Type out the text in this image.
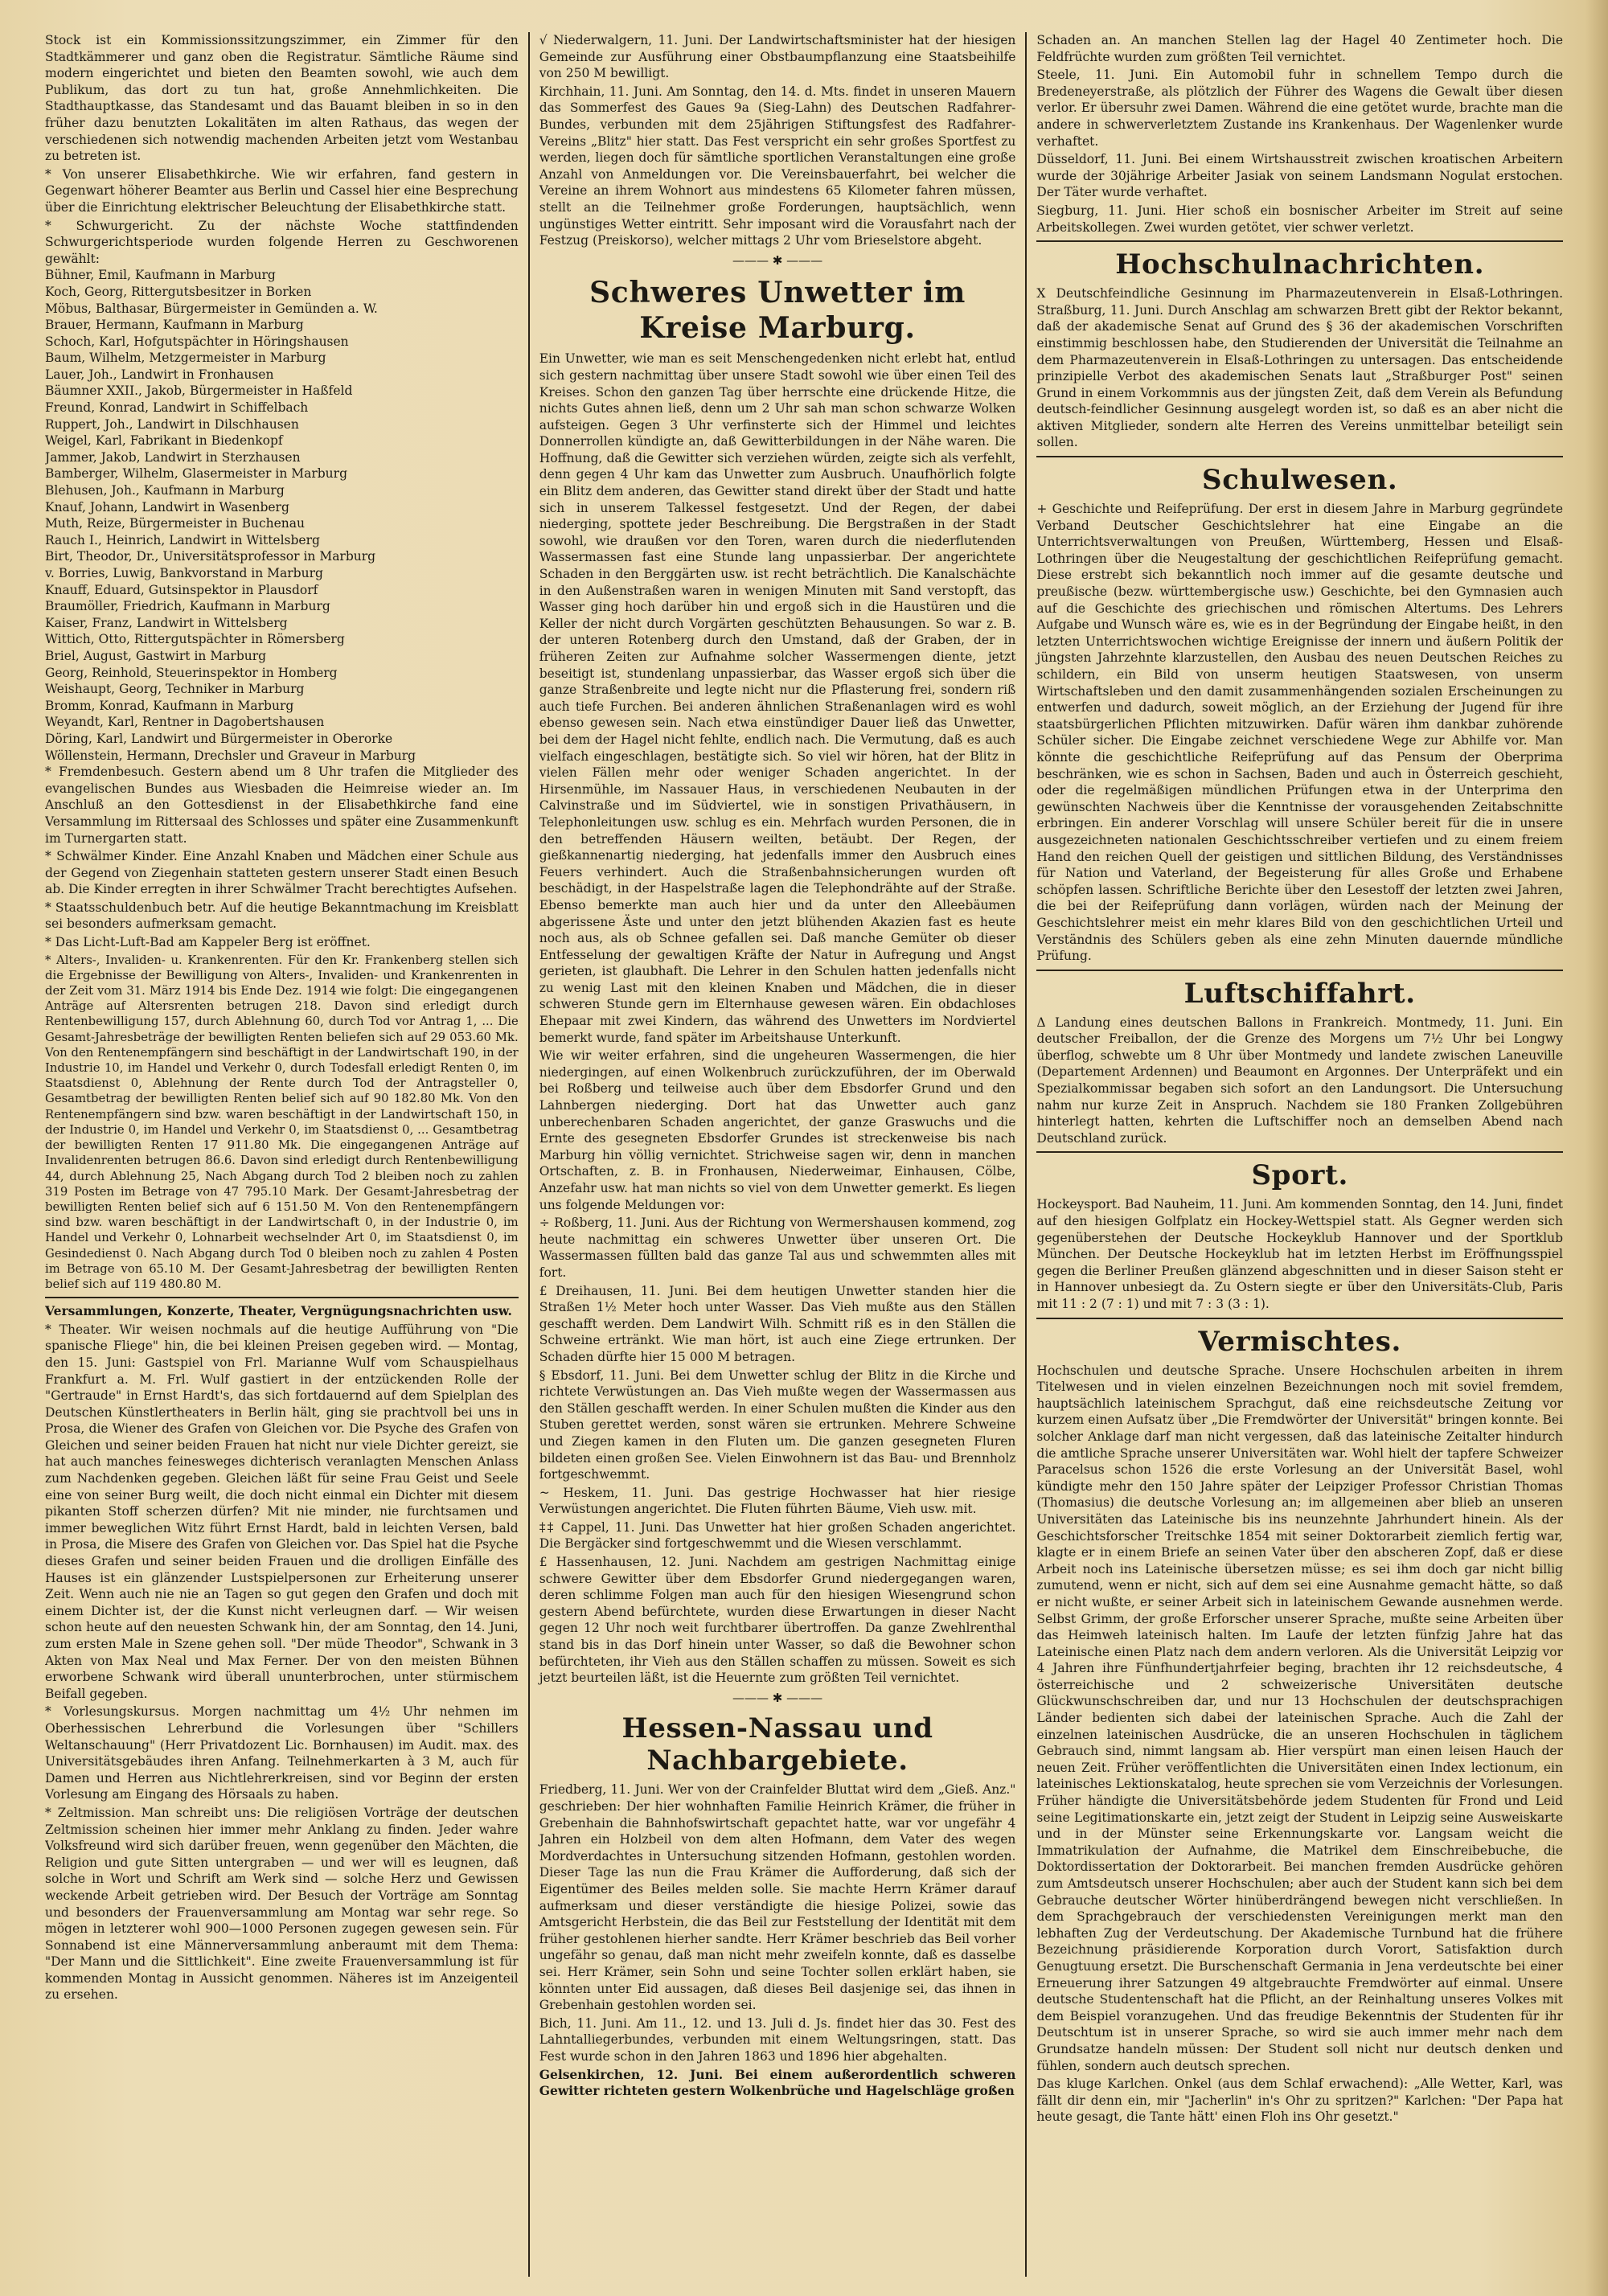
Stock ist ein Kommissionssitzungszimmer, ein Zimmer für den Stadtkämmerer und ganz oben die Registratur. Sämtliche Räume sind modern eingerichtet und bieten den Beamten sowohl, wie auch dem Publikum, das dort zu tun hat, große Annehmlichkeiten. Die Stadthauptkasse, das Standesamt und das Bauamt bleiben in so in den früher dazu benutzten Lokalitäten im alten Rathaus, das wegen der verschiedenen sich notwendig machenden Arbeiten jetzt vom Westanbau zu betreten ist.

* Von unserer Elisabethkirche. Wie wir erfahren, fand gestern in Gegenwart höherer Beamter aus Berlin und Cassel hier eine Besprechung über die Einrichtung elektrischer Beleuchtung der Elisabethkirche statt.

* Schwurgericht. Zu der nächste Woche stattfindenden Schwurgerichtsperiode wurden folgende Herren zu Geschworenen gewählt:

Bühner, Emil, Kaufmann in Marburg

Koch, Georg, Rittergutsbesitzer in Borken

Möbus, Balthasar, Bürgermeister in Gemünden a. W.

Brauer, Hermann, Kaufmann in Marburg

Schoch, Karl, Hofgutspächter in Höringshausen

Baum, Wilhelm, Metzgermeister in Marburg

Lauer, Joh., Landwirt in Fronhausen

Bäumner XXII., Jakob, Bürgermeister in Haßfeld

Freund, Konrad, Landwirt in Schiffelbach

Ruppert, Joh., Landwirt in Dilschhausen

Weigel, Karl, Fabrikant in Biedenkopf

Jammer, Jakob, Landwirt in Sterzhausen

Bamberger, Wilhelm, Glasermeister in Marburg

Blehusen, Joh., Kaufmann in Marburg

Knauf, Johann, Landwirt in Wasenberg

Muth, Reize, Bürgermeister in Buchenau

Rauch I., Heinrich, Landwirt in Wittelsberg

Birt, Theodor, Dr., Universitätsprofessor in Marburg

v. Borries, Luwig, Bankvorstand in Marburg

Knauff, Eduard, Gutsinspektor in Plausdorf

Braumöller, Friedrich, Kaufmann in Marburg

Kaiser, Franz, Landwirt in Wittelsberg

Wittich, Otto, Rittergutspächter in Römersberg

Briel, August, Gastwirt in Marburg

Georg, Reinhold, Steuerinspektor in Homberg

Weishaupt, Georg, Techniker in Marburg

Bromm, Konrad, Kaufmann in Marburg

Weyandt, Karl, Rentner in Dagobertshausen

Döring, Karl, Landwirt und Bürgermeister in Oberorke

Wöllenstein, Hermann, Drechsler und Graveur in Marburg

* Fremdenbesuch. Gestern abend um 8 Uhr trafen die Mitglieder des evangelischen Bundes aus Wiesbaden die Heimreise wieder an. Im Anschluß an den Gottesdienst in der Elisabethkirche fand eine Versammlung im Rittersaal des Schlosses und später eine Zusammenkunft im Turnergarten statt.

* Schwälmer Kinder. Eine Anzahl Knaben und Mädchen einer Schule aus der Gegend von Ziegenhain statteten gestern unserer Stadt einen Besuch ab. Die Kinder erregten in ihrer Schwälmer Tracht berechtigtes Aufsehen.

* Staatsschuldenbuch betr. Auf die heutige Bekanntmachung im Kreisblatt sei besonders aufmerksam gemacht.

* Das Licht-Luft-Bad am Kappeler Berg ist eröffnet.

* Alters-, Invaliden- u. Krankenrenten. Für den Kr. Frankenberg stellen sich die Ergebnisse der Bewilligung von Alters-, Invaliden- und Krankenrenten in der Zeit vom 31. März 1914 bis Ende Dez. 1914 wie folgt: Die eingegangenen Anträge auf Altersrenten betrugen 218. Davon sind erledigt durch Rentenbewilligung 157, durch Ablehnung 60, durch Tod vor Antrag 1, ... Die Gesamt-Jahresbeträge der bewilligten Renten beliefen sich auf 29 053.60 Mk. Von den Rentenempfängern sind beschäftigt in der Landwirtschaft 190, in der Industrie 10, im Handel und Verkehr 0, durch Todesfall erledigt Renten 0, im Staatsdienst 0, Ablehnung der Rente durch Tod der Antragsteller 0, Gesamtbetrag der bewilligten Renten belief sich auf 90 182.80 Mk. Von den Rentenempfängern sind bzw. waren beschäftigt in der Landwirtschaft 150, in der Industrie 0, im Handel und Verkehr 0, im Staatsdienst 0, ... Gesamtbetrag der bewilligten Renten 17 911.80 Mk. Die eingegangenen Anträge auf Invalidenrenten betrugen 86.6. Davon sind erledigt durch Rentenbewilligung 44, durch Ablehnung 25, Nach Abgang durch Tod 2 bleiben noch zu zahlen 319 Posten im Betrage von 47 795.10 Mark. Der Gesamt-Jahresbetrag der bewilligten Renten belief sich auf 6 151.50 M. Von den Rentenempfängern sind bzw. waren beschäftigt in der Landwirtschaft 0, in der Industrie 0, im Handel und Verkehr 0, Lohnarbeit wechselnder Art 0, im Staatsdienst 0, im Gesindedienst 0. Nach Abgang durch Tod 0 bleiben noch zu zahlen 4 Posten im Betrage von 65.10 M. Der Gesamt-Jahresbetrag der bewilligten Renten belief sich auf 119 480.80 M.

Versammlungen, Konzerte, Theater, Vergnügungsnachrichten usw.

* Theater. Wir weisen nochmals auf die heutige Aufführung von "Die spanische Fliege" hin, die bei kleinen Preisen gegeben wird. — Montag, den 15. Juni: Gastspiel von Frl. Marianne Wulf vom Schauspielhaus Frankfurt a. M. Frl. Wulf gastiert in der entzückenden Rolle der "Gertraude" in Ernst Hardt's, das sich fortdauernd auf dem Spielplan des Deutschen Künstlertheaters in Berlin hält, ging sie prachtvoll bei uns in Prosa, die Wiener des Grafen von Gleichen vor. Die Psyche des Grafen von Gleichen und seiner beiden Frauen hat nicht nur viele Dichter gereizt, sie hat auch manches feinesweges dichterisch veranlagten Menschen Anlass zum Nachdenken gegeben. Gleichen läßt für seine Frau Geist und Seele eine von seiner Burg weilt, die doch nicht einmal ein Dichter mit diesem pikanten Stoff scherzen dürfen? Mit nie minder, nie furchtsamen und immer beweglichen Witz führt Ernst Hardt, bald in leichten Versen, bald in Prosa, die Misere des Grafen von Gleichen vor. Das Spiel hat die Psyche dieses Grafen und seiner beiden Frauen und die drolligen Einfälle des Hauses ist ein glänzender Lustspielpersonen zur Erheiterung unserer Zeit. Wenn auch nie nie an Tagen so gut gegen den Grafen und doch mit einem Dichter ist, der die Kunst nicht verleugnen darf. — Wir weisen schon heute auf den neuesten Schwank hin, der am Sonntag, den 14. Juni, zum ersten Male in Szene gehen soll. "Der müde Theodor", Schwank in 3 Akten von Max Neal und Max Ferner. Der von den meisten Bühnen erworbene Schwank wird überall ununterbrochen, unter stürmischem Beifall gegeben.

* Vorlesungskursus. Morgen nachmittag um 4½ Uhr nehmen im Oberhessischen Lehrerbund die Vorlesungen über "Schillers Weltanschauung" (Herr Privatdozent Lic. Bornhausen) im Audit. max. des Universitätsgebäudes ihren Anfang. Teilnehmerkarten à 3 M, auch für Damen und Herren aus Nichtlehrerkreisen, sind vor Beginn der ersten Vorlesung am Eingang des Hörsaals zu haben.

* Zeltmission. Man schreibt uns: Die religiösen Vorträge der deutschen Zeltmission scheinen hier immer mehr Anklang zu finden. Jeder wahre Volksfreund wird sich darüber freuen, wenn gegenüber den Mächten, die Religion und gute Sitten untergraben — und wer will es leugnen, daß solche in Wort und Schrift am Werk sind — solche Herz und Gewissen weckende Arbeit getrieben wird. Der Besuch der Vorträge am Sonntag und besonders der Frauenversammlung am Montag war sehr rege. So mögen in letzterer wohl 900—1000 Personen zugegen gewesen sein. Für Sonnabend ist eine Männerversammlung anberaumt mit dem Thema: "Der Mann und die Sittlichkeit". Eine zweite Frauenversammlung ist für kommenden Montag in Aussicht genommen. Näheres ist im Anzeigenteil zu ersehen.

√ Niederwalgern, 11. Juni. Der Landwirtschaftsminister hat der hiesigen Gemeinde zur Ausführung einer Obstbaumpflanzung eine Staatsbeihilfe von 250 M bewilligt.

Kirchhain, 11. Juni. Am Sonntag, den 14. d. Mts. findet in unseren Mauern das Sommerfest des Gaues 9a (Sieg-Lahn) des Deutschen Radfahrer-Bundes, verbunden mit dem 25jährigen Stiftungsfest des Radfahrer-Vereins „Blitz" hier statt. Das Fest verspricht ein sehr großes Sportfest zu werden, liegen doch für sämtliche sportlichen Veranstaltungen eine große Anzahl von Anmeldungen vor. Die Vereinsbauerfahrt, bei welcher die Vereine an ihrem Wohnort aus mindestens 65 Kilometer fahren müssen, stellt an die Teilnehmer große Forderungen, hauptsächlich, wenn ungünstiges Wetter eintritt. Sehr imposant wird die Vorausfahrt nach der Festzug (Preiskorso), welcher mittags 2 Uhr vom Brieselstore abgeht.

——— ✱ ———
Schweres Unwetter im Kreise Marburg.

Ein Unwetter, wie man es seit Menschengedenken nicht erlebt hat, entlud sich gestern nachmittag über unsere Stadt sowohl wie über einen Teil des Kreises. Schon den ganzen Tag über herrschte eine drückende Hitze, die nichts Gutes ahnen ließ, denn um 2 Uhr sah man schon schwarze Wolken aufsteigen. Gegen 3 Uhr verfinsterte sich der Himmel und leichtes Donnerrollen kündigte an, daß Gewitterbildungen in der Nähe waren. Die Hoffnung, daß die Gewitter sich verziehen würden, zeigte sich als verfehlt, denn gegen 4 Uhr kam das Unwetter zum Ausbruch. Unaufhörlich folgte ein Blitz dem anderen, das Gewitter stand direkt über der Stadt und hatte sich in unserem Talkessel festgesetzt. Und der Regen, der dabei niederging, spottete jeder Beschreibung. Die Bergstraßen in der Stadt sowohl, wie draußen vor den Toren, waren durch die niederflutenden Wassermassen fast eine Stunde lang unpassierbar. Der angerichtete Schaden in den Berggärten usw. ist recht beträchtlich. Die Kanalschächte in den Außenstraßen waren in wenigen Minuten mit Sand verstopft, das Wasser ging hoch darüber hin und ergoß sich in die Haustüren und die Keller der nicht durch Vorgärten geschützten Behausungen. So war z. B. der unteren Rotenberg durch den Umstand, daß der Graben, der in früheren Zeiten zur Aufnahme solcher Wassermengen diente, jetzt beseitigt ist, stundenlang unpassierbar, das Wasser ergoß sich über die ganze Straßenbreite und legte nicht nur die Pflasterung frei, sondern riß auch tiefe Furchen. Bei anderen ähnlichen Straßenanlagen wird es wohl ebenso gewesen sein. Nach etwa einstündiger Dauer ließ das Unwetter, bei dem der Hagel nicht fehlte, endlich nach. Die Vermutung, daß es auch vielfach eingeschlagen, bestätigte sich. So viel wir hören, hat der Blitz in vielen Fällen mehr oder weniger Schaden angerichtet. In der Hirsenmühle, im Nassauer Haus, in verschiedenen Neubauten in der Calvinstraße und im Südviertel, wie in sonstigen Privathäusern, in Telephonleitungen usw. schlug es ein. Mehrfach wurden Personen, die in den betreffenden Häusern weilten, betäubt. Der Regen, der gießkannenartig niederging, hat jedenfalls immer den Ausbruch eines Feuers verhindert. Auch die Straßenbahnsicherungen wurden oft beschädigt, in der Haspelstraße lagen die Telephondrähte auf der Straße. Ebenso bemerkte man auch hier und da unter den Alleebäumen abgerissene Äste und unter den jetzt blühenden Akazien fast es heute noch aus, als ob Schnee gefallen sei. Daß manche Gemüter ob dieser Entfesselung der gewaltigen Kräfte der Natur in Aufregung und Angst gerieten, ist glaubhaft. Die Lehrer in den Schulen hatten jedenfalls nicht zu wenig Last mit den kleinen Knaben und Mädchen, die in dieser schweren Stunde gern im Elternhause gewesen wären. Ein obdachloses Ehepaar mit zwei Kindern, das während des Unwetters im Nordviertel bemerkt wurde, fand später im Arbeitshause Unterkunft.

Wie wir weiter erfahren, sind die ungeheuren Wassermengen, die hier niedergingen, auf einen Wolkenbruch zurückzuführen, der im Oberwald bei Roßberg und teilweise auch über dem Ebsdorfer Grund und den Lahnbergen niederging. Dort hat das Unwetter auch ganz unberechenbaren Schaden angerichtet, der ganze Graswuchs und die Ernte des gesegneten Ebsdorfer Grundes ist streckenweise bis nach Marburg hin völlig vernichtet. Strichweise sagen wir, denn in manchen Ortschaften, z. B. in Fronhausen, Niederweimar, Einhausen, Cölbe, Anzefahr usw. hat man nichts so viel von dem Unwetter gemerkt. Es liegen uns folgende Meldungen vor:

÷ Roßberg, 11. Juni. Aus der Richtung von Wermershausen kommend, zog heute nachmittag ein schweres Unwetter über unseren Ort. Die Wassermassen füllten bald das ganze Tal aus und schwemmten alles mit fort.

£ Dreihausen, 11. Juni. Bei dem heutigen Unwetter standen hier die Straßen 1½ Meter hoch unter Wasser. Das Vieh mußte aus den Ställen geschafft werden. Dem Landwirt Wilh. Schmitt riß es in den Ställen die Schweine ertränkt. Wie man hört, ist auch eine Ziege ertrunken. Der Schaden dürfte hier 15 000 M betragen.

§ Ebsdorf, 11. Juni. Bei dem Unwetter schlug der Blitz in die Kirche und richtete Verwüstungen an. Das Vieh mußte wegen der Wassermassen aus den Ställen geschafft werden. In einer Schulen mußten die Kinder aus den Stuben gerettet werden, sonst wären sie ertrunken. Mehrere Schweine und Ziegen kamen in den Fluten um. Die ganzen gesegneten Fluren bildeten einen großen See. Vielen Einwohnern ist das Bau- und Brennholz fortgeschwemmt.

~ Heskem, 11. Juni. Das gestrige Hochwasser hat hier riesige Verwüstungen angerichtet. Die Fluten führten Bäume, Vieh usw. mit.

‡‡ Cappel, 11. Juni. Das Unwetter hat hier großen Schaden angerichtet. Die Bergäcker sind fortgeschwemmt und die Wiesen verschlammt.

£ Hassenhausen, 12. Juni. Nachdem am gestrigen Nachmittag einige schwere Gewitter über dem Ebsdorfer Grund niedergegangen waren, deren schlimme Folgen man auch für den hiesigen Wiesengrund schon gestern Abend befürchtete, wurden diese Erwartungen in dieser Nacht gegen 12 Uhr noch weit furchtbarer übertroffen. Da ganze Zwehlrenthal stand bis in das Dorf hinein unter Wasser, so daß die Bewohner schon befürchteten, ihr Vieh aus den Ställen schaffen zu müssen. Soweit es sich jetzt beurteilen läßt, ist die Heuernte zum größten Teil vernichtet.

——— ✱ ———
Hessen-Nassau und Nachbargebiete.

Friedberg, 11. Juni. Wer von der Crainfelder Bluttat wird dem „Gieß. Anz." geschrieben: Der hier wohnhaften Familie Heinrich Krämer, die früher in Grebenhain die Bahnhofswirtschaft gepachtet hatte, war vor ungefähr 4 Jahren ein Holzbeil von dem alten Hofmann, dem Vater des wegen Mordverdachtes in Untersuchung sitzenden Hofmann, gestohlen worden. Dieser Tage las nun die Frau Krämer die Aufforderung, daß sich der Eigentümer des Beiles melden solle. Sie machte Herrn Krämer darauf aufmerksam und dieser verständigte die hiesige Polizei, sowie das Amtsgericht Herbstein, die das Beil zur Feststellung der Identität mit dem früher gestohlenen hierher sandte. Herr Krämer beschrieb das Beil vorher ungefähr so genau, daß man nicht mehr zweifeln konnte, daß es dasselbe sei. Herr Krämer, sein Sohn und seine Tochter sollen erklärt haben, sie könnten unter Eid aussagen, daß dieses Beil dasjenige sei, das ihnen in Grebenhain gestohlen worden sei.

Bich, 11. Juni. Am 11., 12. und 13. Juli d. Js. findet hier das 30. Fest des Lahntalliegerbundes, verbunden mit einem Weltungsringen, statt. Das Fest wurde schon in den Jahren 1863 und 1896 hier abgehalten.

Gelsenkirchen, 12. Juni. Bei einem außerordentlich schweren Gewitter richteten gestern Wolkenbrüche und Hagelschläge großen

Schaden an. An manchen Stellen lag der Hagel 40 Zentimeter hoch. Die Feldfrüchte wurden zum größten Teil vernichtet.

Steele, 11. Juni. Ein Automobil fuhr in schnellem Tempo durch die Bredeneyerstraße, als plötzlich der Führer des Wagens die Gewalt über diesen verlor. Er übersuhr zwei Damen. Während die eine getötet wurde, brachte man die andere in schwerverletztem Zustande ins Krankenhaus. Der Wagenlenker wurde verhaftet.

Düsseldorf, 11. Juni. Bei einem Wirtshausstreit zwischen kroatischen Arbeitern wurde der 30jährige Arbeiter Jasiak von seinem Landsmann Nogulat erstochen. Der Täter wurde verhaftet.

Siegburg, 11. Juni. Hier schoß ein bosnischer Arbeiter im Streit auf seine Arbeitskollegen. Zwei wurden getötet, vier schwer verletzt.

Hochschulnachrichten.

X Deutschfeindliche Gesinnung im Pharmazeutenverein in Elsaß-Lothringen. Straßburg, 11. Juni. Durch Anschlag am schwarzen Brett gibt der Rektor bekannt, daß der akademische Senat auf Grund des § 36 der akademischen Vorschriften einstimmig beschlossen habe, den Studierenden der Universität die Teilnahme an dem Pharmazeutenverein in Elsaß-Lothringen zu untersagen. Das entscheidende prinzipielle Verbot des akademischen Senats laut „Straßburger Post" seinen Grund in einem Vorkommnis aus der jüngsten Zeit, daß dem Verein als Befundung deutsch-feindlicher Gesinnung ausgelegt worden ist, so daß es an aber nicht die aktiven Mitglieder, sondern alte Herren des Vereins unmittelbar beteiligt sein sollen.

Schulwesen.

+ Geschichte und Reifeprüfung. Der erst in diesem Jahre in Marburg gegründete Verband Deutscher Geschichtslehrer hat eine Eingabe an die Unterrichtsverwaltungen von Preußen, Württemberg, Hessen und Elsaß-Lothringen über die Neugestaltung der geschichtlichen Reifeprüfung gemacht. Diese erstrebt sich bekanntlich noch immer auf die gesamte deutsche und preußische (bezw. württembergische usw.) Geschichte, bei den Gymnasien auch auf die Geschichte des griechischen und römischen Altertums. Des Lehrers Aufgabe und Wunsch wäre es, wie es in der Begründung der Eingabe heißt, in den letzten Unterrichtswochen wichtige Ereignisse der innern und äußern Politik der jüngsten Jahrzehnte klarzustellen, den Ausbau des neuen Deutschen Reiches zu schildern, ein Bild von unserm heutigen Staatswesen, von unserm Wirtschaftsleben und den damit zusammenhängenden sozialen Erscheinungen zu entwerfen und dadurch, soweit möglich, an der Erziehung der Jugend für ihre staatsbürgerlichen Pflichten mitzuwirken. Dafür wären ihm dankbar zuhörende Schüler sicher. Die Eingabe zeichnet verschiedene Wege zur Abhilfe vor. Man könnte die geschichtliche Reifeprüfung auf das Pensum der Oberprima beschränken, wie es schon in Sachsen, Baden und auch in Österreich geschieht, oder die regelmäßigen mündlichen Prüfungen etwa in der Unterprima den gewünschten Nachweis über die Kenntnisse der vorausgehenden Zeitabschnitte erbringen. Ein anderer Vorschlag will unsere Schüler bereit für die in unsere ausgezeichneten nationalen Geschichtsschreiber vertiefen und zu einem freiem Hand den reichen Quell der geistigen und sittlichen Bildung, des Verständnisses für Nation und Vaterland, der Begeisterung für alles Große und Erhabene schöpfen lassen. Schriftliche Berichte über den Lesestoff der letzten zwei Jahren, die bei der Reifeprüfung dann vorlägen, würden nach der Meinung der Geschichtslehrer meist ein mehr klares Bild von den geschichtlichen Urteil und Verständnis des Schülers geben als eine zehn Minuten dauernde mündliche Prüfung.

Luftschiffahrt.

Δ Landung eines deutschen Ballons in Frankreich. Montmedy, 11. Juni. Ein deutscher Freiballon, der die Grenze des Morgens um 7½ Uhr bei Longwy überflog, schwebte um 8 Uhr über Montmedy und landete zwischen Laneuville (Departement Ardennen) und Beaumont en Argonnes. Der Unterpräfekt und ein Spezialkommissar begaben sich sofort an den Landungsort. Die Untersuchung nahm nur kurze Zeit in Anspruch. Nachdem sie 180 Franken Zollgebühren hinterlegt hatten, kehrten die Luftschiffer noch an demselben Abend nach Deutschland zurück.

Sport.

Hockeysport. Bad Nauheim, 11. Juni. Am kommenden Sonntag, den 14. Juni, findet auf den hiesigen Golfplatz ein Hockey-Wettspiel statt. Als Gegner werden sich gegenüberstehen der Deutsche Hockeyklub Hannover und der Sportklub München. Der Deutsche Hockeyklub hat im letzten Herbst im Eröffnungsspiel gegen die Berliner Preußen glänzend abgeschnitten und in dieser Saison steht er in Hannover unbesiegt da. Zu Ostern siegte er über den Universitäts-Club, Paris mit 11 : 2 (7 : 1) und mit 7 : 3 (3 : 1).

Vermischtes.

Hochschulen und deutsche Sprache. Unsere Hochschulen arbeiten in ihrem Titelwesen und in vielen einzelnen Bezeichnungen noch mit soviel fremdem, hauptsächlich lateinischem Sprachgut, daß eine reichsdeutsche Zeitung vor kurzem einen Aufsatz über „Die Fremdwörter der Universität" bringen konnte. Bei solcher Anklage darf man nicht vergessen, daß das lateinische Zeitalter hindurch die amtliche Sprache unserer Universitäten war. Wohl hielt der tapfere Schweizer Paracelsus schon 1526 die erste Vorlesung an der Universität Basel, wohl kündigte mehr den 150 Jahre später der Leipziger Professor Christian Thomas (Thomasius) die deutsche Vorlesung an; im allgemeinen aber blieb an unseren Universitäten das Lateinische bis ins neunzehnte Jahrhundert hinein. Als der Geschichtsforscher Treitschke 1854 mit seiner Doktorarbeit ziemlich fertig war, klagte er in einem Briefe an seinen Vater über den abscheren Zopf, daß er diese Arbeit noch ins Lateinische übersetzen müsse; es sei ihm doch gar nicht billig zumutend, wenn er nicht, sich auf dem sei eine Ausnahme gemacht hätte, so daß er nicht wußte, er seiner Arbeit sich in lateinischem Gewande ausnehmen werde. Selbst Grimm, der große Erforscher unserer Sprache, mußte seine Arbeiten über das Heimweh lateinisch halten. Im Laufe der letzten fünfzig Jahre hat das Lateinische einen Platz nach dem andern verloren. Als die Universität Leipzig vor 4 Jahren ihre Fünfhundertjahrfeier beging, brachten ihr 12 reichsdeutsche, 4 österreichische und 2 schweizerische Universitäten deutsche Glückwunschschreiben dar, und nur 13 Hochschulen der deutschsprachigen Länder bedienten sich dabei der lateinischen Sprache. Auch die Zahl der einzelnen lateinischen Ausdrücke, die an unseren Hochschulen in täglichem Gebrauch sind, nimmt langsam ab. Hier verspürt man einen leisen Hauch der neuen Zeit. Früher veröffentlichten die Universitäten einen Index lectionum, ein lateinisches Lektionskatalog, heute sprechen sie vom Verzeichnis der Vorlesungen. Früher händigte die Universitätsbehörde jedem Studenten für Frond und Leid seine Legitimationskarte ein, jetzt zeigt der Student in Leipzig seine Ausweiskarte und in der Münster seine Erkennungskarte vor. Langsam weicht die Immatrikulation der Aufnahme, die Matrikel dem Einschreibebuche, die Doktordissertation der Doktorarbeit. Bei manchen fremden Ausdrücke gehören zum Amtsdeutsch unserer Hochschulen; aber auch der Student kann sich bei dem Gebrauche deutscher Wörter hinüberdrängend bewegen nicht verschließen. In dem Sprachgebrauch der verschiedensten Vereinigungen merkt man den lebhaften Zug der Verdeutschung. Der Akademische Turnbund hat die frühere Bezeichnung präsidierende Korporation durch Vorort, Satisfaktion durch Genugtuung ersetzt. Die Burschenschaft Germania in Jena verdeutschte bei einer Erneuerung ihrer Satzungen 49 altgebrauchte Fremdwörter auf einmal. Unsere deutsche Studentenschaft hat die Pflicht, an der Reinhaltung unseres Volkes mit dem Beispiel voranzugehen. Und das freudige Bekenntnis der Studenten für ihr Deutschtum ist in unserer Sprache, so wird sie auch immer mehr nach dem Grundsatze handeln müssen: Der Student soll nicht nur deutsch denken und fühlen, sondern auch deutsch sprechen.

Das kluge Karlchen. Onkel (aus dem Schlaf erwachend): „Alle Wetter, Karl, was fällt dir denn ein, mir "Jacherlin" in's Ohr zu spritzen?" Karlchen: "Der Papa hat heute gesagt, die Tante hätt' einen Floh ins Ohr gesetzt."
